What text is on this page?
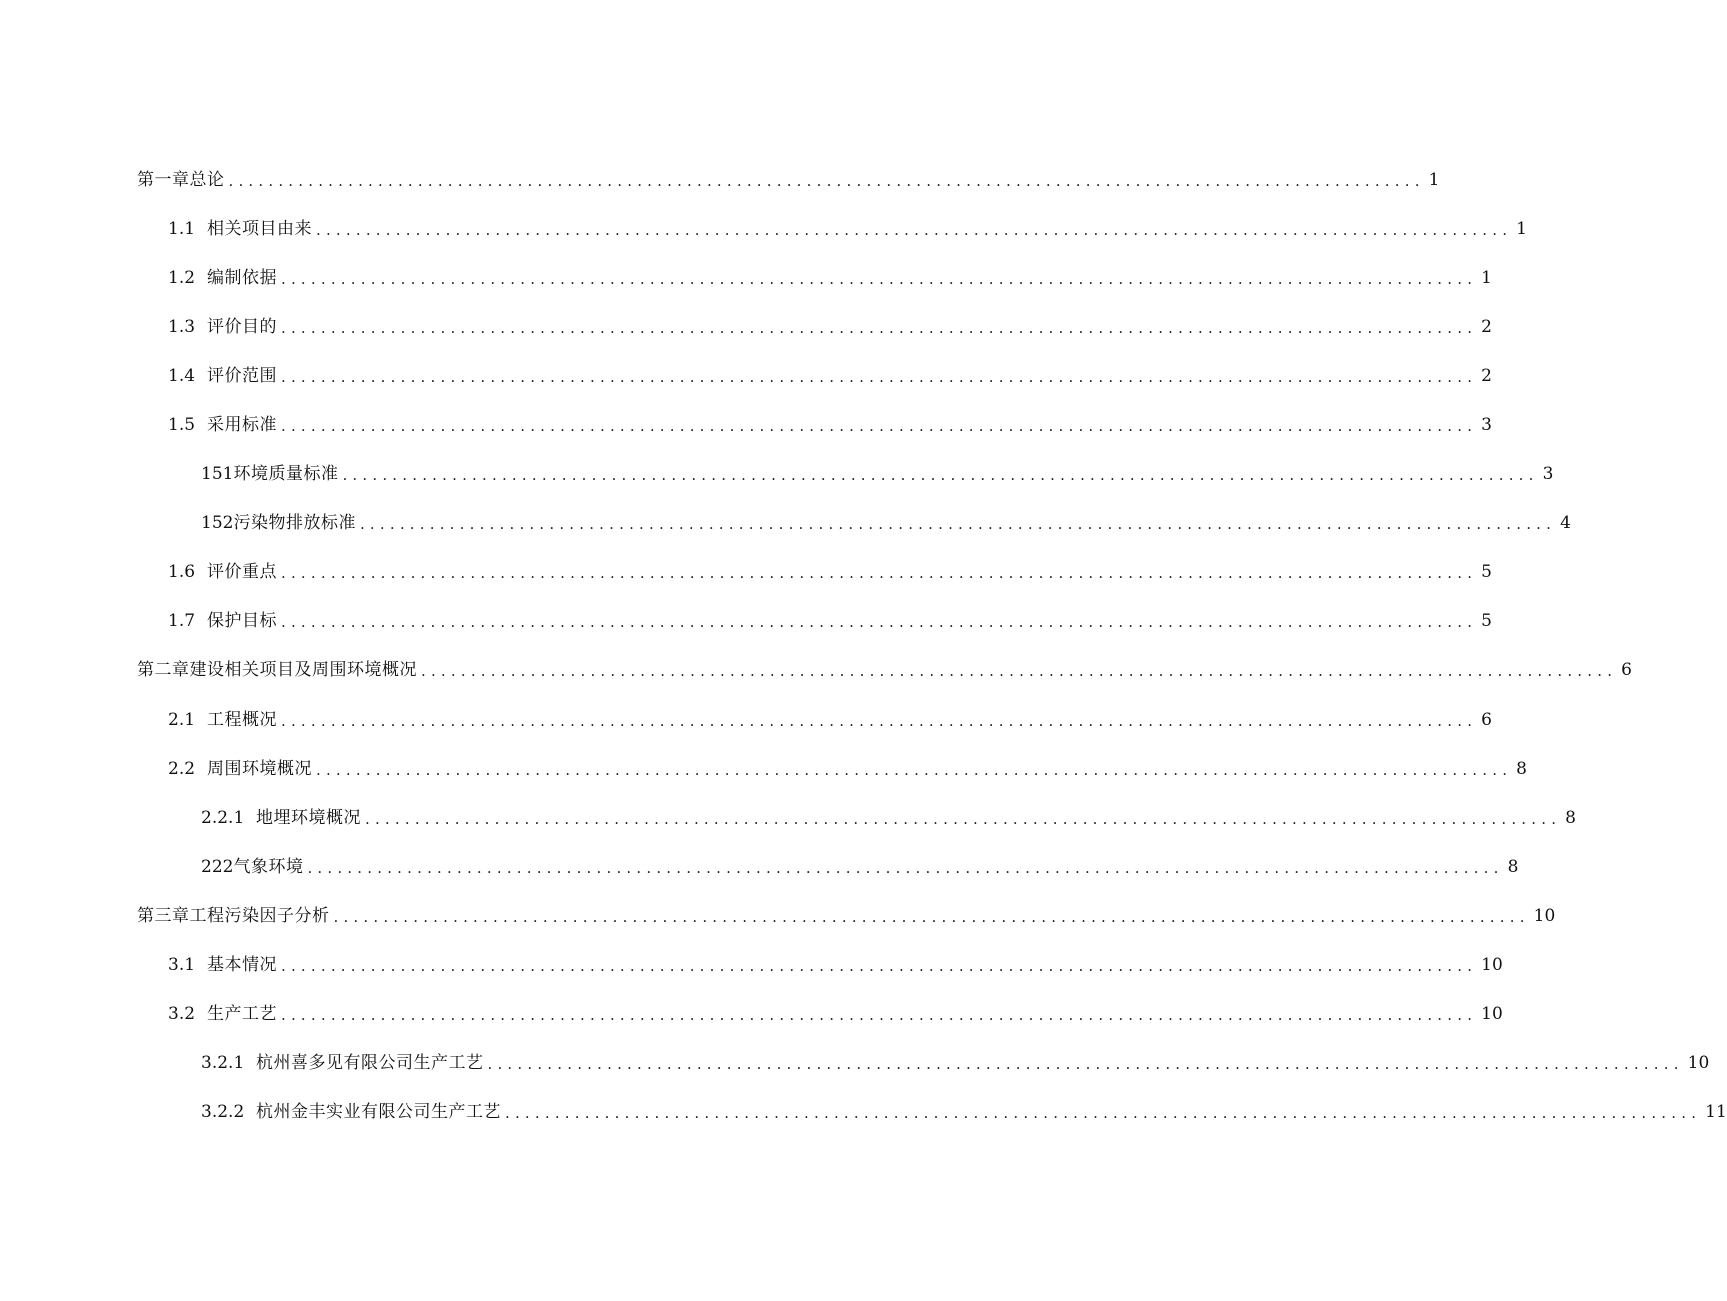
第一章总论 ........................................................................................................................ 1
1.1 相关项目由来 ........................................................................................................................ 1
1.2 编制依据 ........................................................................................................................ 1
1.3 评价目的 ........................................................................................................................ 2
1.4 评价范围 ........................................................................................................................ 2
1.5 采用标准 ........................................................................................................................ 3
151 环境质量标准 ........................................................................................................................ 3
152 污染物排放标准 ........................................................................................................................ 4
1.6 评价重点 ........................................................................................................................ 5
1.7 保护目标 ........................................................................................................................ 5
第二章建设相关项目及周围环境概况 ........................................................................................................................ 6
2.1 工程概况 ........................................................................................................................ 6
2.2 周围环境概况 ........................................................................................................................ 8
2.2.1 地埋环境概况 ........................................................................................................................ 8
222 气象环境 ........................................................................................................................ 8
第三章工程污染因子分析 ........................................................................................................................ 10
3.1 基本情况 ........................................................................................................................ 10
3.2 生产工艺 ........................................................................................................................ 10
3.2.1 杭州喜多见有限公司生产工艺 ........................................................................................................................ 10
3.2.2 杭州金丰实业有限公司生产工艺 ........................................................................................................................ 11
